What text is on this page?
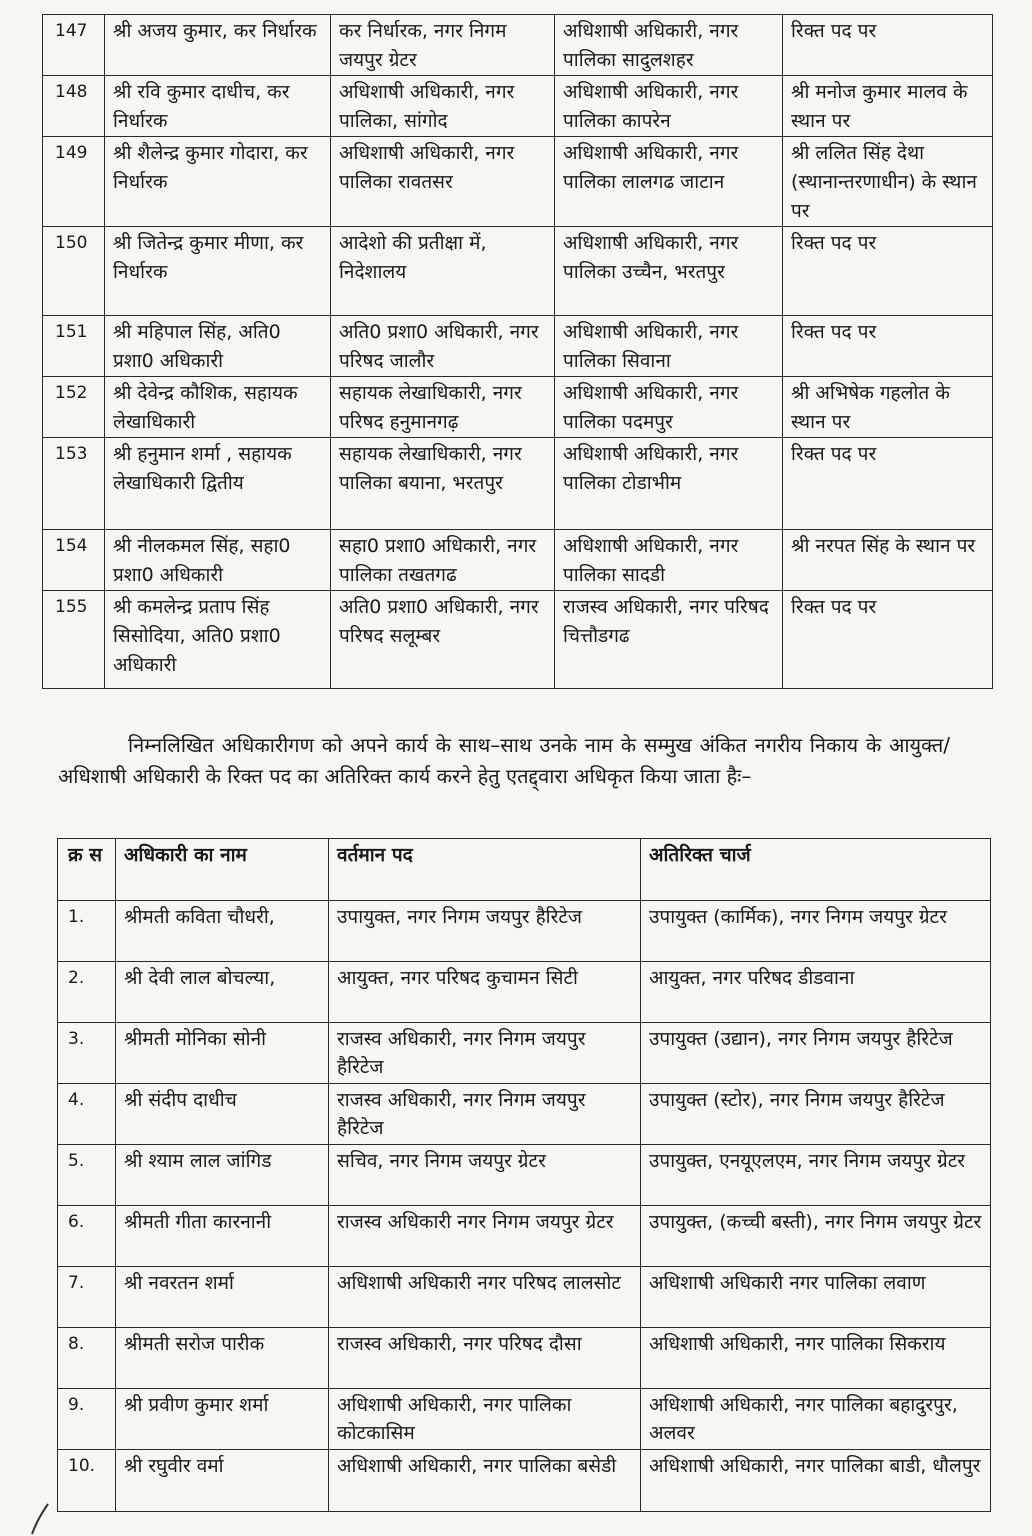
147	श्री अजय कुमार, कर निर्धारक	कर निर्धारक, नगर निगम जयपुर ग्रेटर	अधिशाषी अधिकारी, नगर पालिका सादुलशहर	रिक्त पद पर
148	श्री रवि कुमार दाधीच, कर निर्धारक	अधिशाषी अधिकारी, नगर पालिका, सांगोद	अधिशाषी अधिकारी, नगर पालिका कापरेन	श्री मनोज कुमार मालव के स्थान पर
149	श्री शैलेन्द्र कुमार गोदारा, कर निर्धारक	अधिशाषी अधिकारी, नगर पालिका रावतसर	अधिशाषी अधिकारी, नगर पालिका लालगढ जाटान	श्री ललित सिंह देथा (स्थानान्तरणाधीन) के स्थान पर
150	श्री जितेन्द्र कुमार मीणा, कर निर्धारक	आदेशो की प्रतीक्षा में, निदेशालय	अधिशाषी अधिकारी, नगर पालिका उच्चैन, भरतपुर	रिक्त पद पर
151	श्री महिपाल सिंह, अति0 प्रशा0 अधिकारी	अति0 प्रशा0 अधिकारी, नगर परिषद जालौर	अधिशाषी अधिकारी, नगर पालिका सिवाना	रिक्त पद पर
152	श्री देवेन्द्र कौशिक, सहायक लेखाधिकारी	सहायक लेखाधिकारी, नगर परिषद हनुमानगढ़	अधिशाषी अधिकारी, नगर पालिका पदमपुर	श्री अभिषेक गहलोत के स्थान पर
153	श्री हनुमान शर्मा , सहायक लेखाधिकारी द्वितीय	सहायक लेखाधिकारी, नगर पालिका बयाना, भरतपुर	अधिशाषी अधिकारी, नगर पालिका टोडाभीम	रिक्त पद पर
154	श्री नीलकमल सिंह, सहा0 प्रशा0 अधिकारी	सहा0 प्रशा0 अधिकारी, नगर पालिका तखतगढ	अधिशाषी अधिकारी, नगर पालिका सादडी	श्री नरपत सिंह के स्थान पर
155	श्री कमलेन्द्र प्रताप सिंह सिसोदिया, अति0 प्रशा0 अधिकारी	अति0 प्रशा0 अधिकारी, नगर परिषद सलूम्बर	राजस्व अधिकारी, नगर परिषद चित्तौडगढ	रिक्त पद पर

निम्नलिखित अधिकारीगण को अपने कार्य के साथ–साथ उनके नाम के सम्मुख अंकित नगरीय निकाय के आयुक्त/अधिशाषी अधिकारी के रिक्त पद का अतिरिक्त कार्य करने हेतु एतद्द्वारा अधिकृत किया जाता हैः–

क्र स	अधिकारी का नाम	वर्तमान पद	अतिरिक्त चार्ज
1.	श्रीमती कविता चौधरी,	उपायुक्त, नगर निगम जयपुर हैरिटेज	उपायुक्त (कार्मिक), नगर निगम जयपुर ग्रेटर
2.	श्री देवी लाल बोचल्या,	आयुक्त, नगर परिषद कुचामन सिटी	आयुक्त, नगर परिषद डीडवाना
3.	श्रीमती मोनिका सोनी	राजस्व अधिकारी, नगर निगम जयपुर हैरिटेज	उपायुक्त (उद्यान), नगर निगम जयपुर हैरिटेज
4.	श्री संदीप दाधीच	राजस्व अधिकारी, नगर निगम जयपुर हैरिटेज	उपायुक्त (स्टोर), नगर निगम जयपुर हैरिटेज
5.	श्री श्याम लाल जांगिड	सचिव, नगर निगम जयपुर ग्रेटर	उपायुक्त, एनयूएलएम, नगर निगम जयपुर ग्रेटर
6.	श्रीमती गीता कारनानी	राजस्व अधिकारी नगर निगम जयपुर ग्रेटर	उपायुक्त, (कच्ची बस्ती), नगर निगम जयपुर ग्रेटर
7.	श्री नवरतन शर्मा	अधिशाषी अधिकारी नगर परिषद लालसोट	अधिशाषी अधिकारी नगर पालिका लवाण
8.	श्रीमती सरोज पारीक	राजस्व अधिकारी, नगर परिषद दौसा	अधिशाषी अधिकारी, नगर पालिका सिकराय
9.	श्री प्रवीण कुमार शर्मा	अधिशाषी अधिकारी, नगर पालिका कोटकासिम	अधिशाषी अधिकारी, नगर पालिका बहादुरपुर, अलवर
10.	श्री रघुवीर वर्मा	अधिशाषी अधिकारी, नगर पालिका बसेडी	अधिशाषी अधिकारी, नगर पालिका बाडी, धौलपुर
